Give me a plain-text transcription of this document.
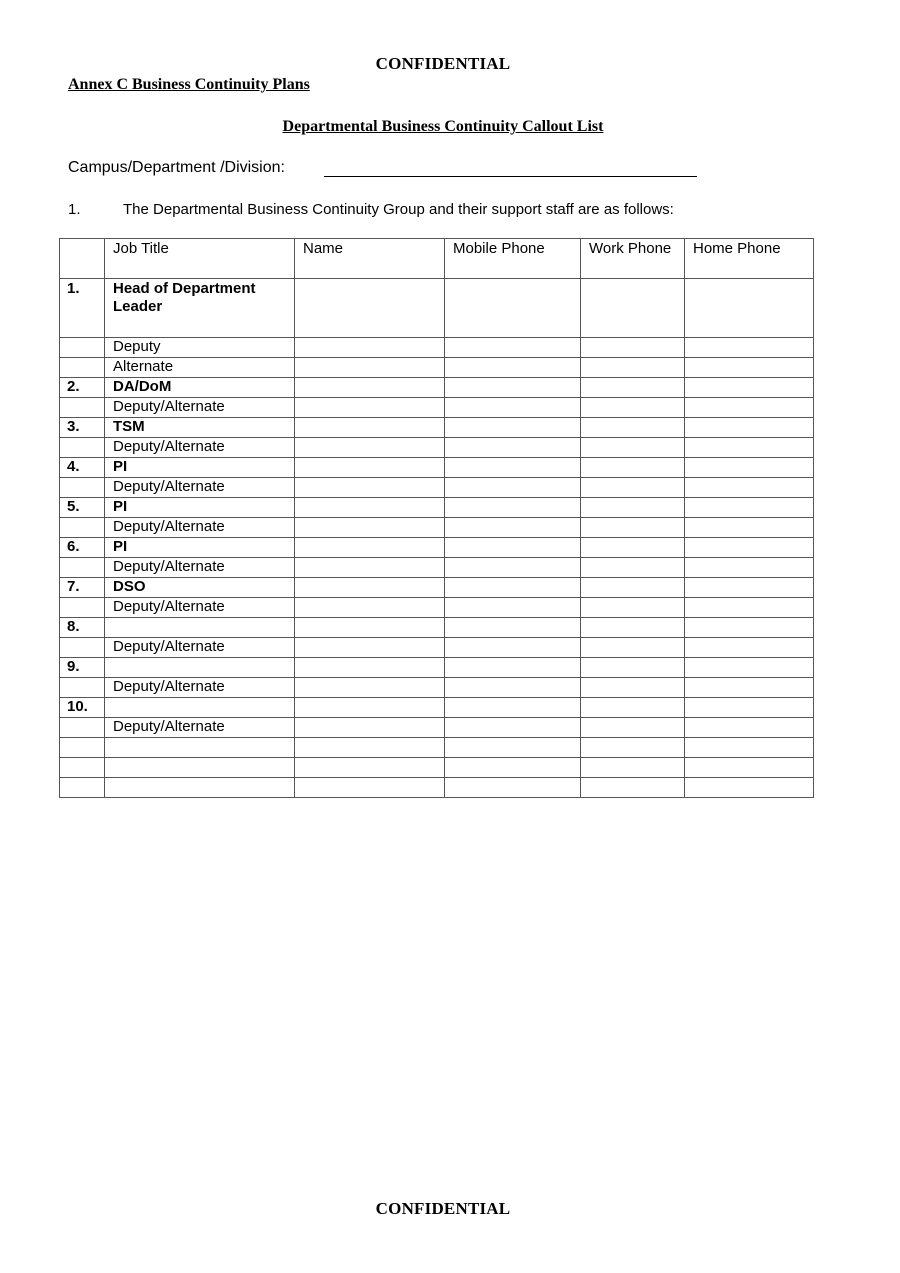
CONFIDENTIAL
Annex C Business Continuity Plans
Departmental Business Continuity Callout List
Campus/Department /Division:
1.	The Departmental Business Continuity Group and their support staff are as follows:
	Job Title	Name	Mobile Phone	Work Phone	Home Phone
1.	Head of Department Leader				
	Deputy				
	Alternate				
2.	DA/DoM				
	Deputy/Alternate				
3.	TSM				
	Deputy/Alternate				
4.	PI				
	Deputy/Alternate				
5.	PI				
	Deputy/Alternate				
6.	PI				
	Deputy/Alternate				
7.	DSO				
	Deputy/Alternate				
8.					
	Deputy/Alternate				
9.					
	Deputy/Alternate				
10.					
	Deputy/Alternate				

CONFIDENTIAL
